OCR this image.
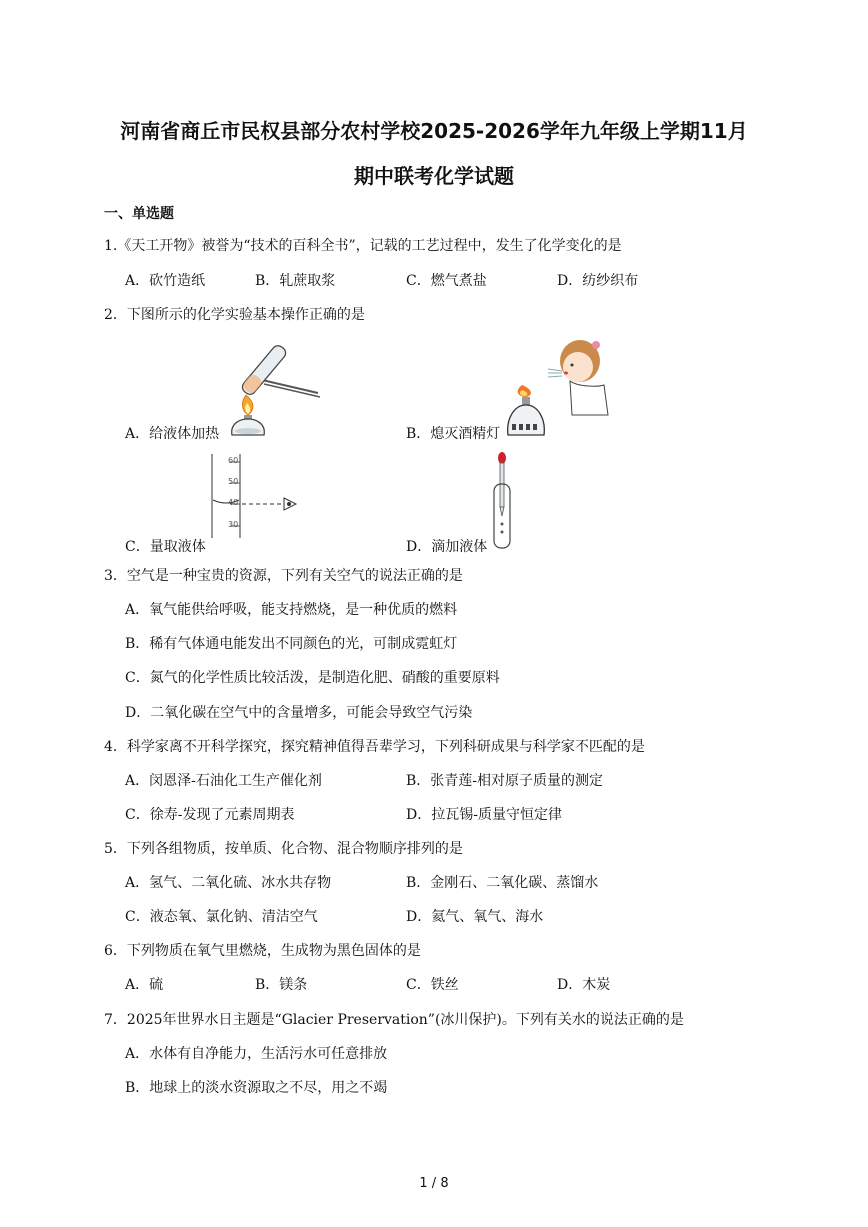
河南省商丘市民权县部分农村学校2025-2026学年九年级上学期11月
期中联考化学试题
一、单选题
1.《天工开物》被誉为“技术的百科全书”，记载的工艺过程中，发生了化学变化的是
A．砍竹造纸	B．轧蔗取浆	C．燃气煮盐	D．纺纱织布
2．下图所示的化学实验基本操作正确的是
A．给液体加热	B．熄灭酒精灯
60
50
40
30
C．量取液体	D．滴加液体
3．空气是一种宝贵的资源，下列有关空气的说法正确的是
A．氧气能供给呼吸，能支持燃烧，是一种优质的燃料
B．稀有气体通电能发出不同颜色的光，可制成霓虹灯
C．氮气的化学性质比较活泼，是制造化肥、硝酸的重要原料
D．二氧化碳在空气中的含量增多，可能会导致空气污染
4．科学家离不开科学探究，探究精神值得吾辈学习，下列科研成果与科学家不匹配的是
A．闵恩泽-石油化工生产催化剂	B．张青莲-相对原子质量的测定
C．徐寿-发现了元素周期表	D．拉瓦锡-质量守恒定律
5．下列各组物质，按单质、化合物、混合物顺序排列的是
A．氢气、二氧化硫、冰水共存物	B．金刚石、二氧化碳、蒸馏水
C．液态氧、氯化钠、清洁空气	D．氦气、氧气、海水
6．下列物质在氧气里燃烧，生成物为黑色固体的是
A．硫	B．镁条	C．铁丝	D．木炭
7．2025年世界水日主题是“Glacier Preservation”(冰川保护)。下列有关水的说法正确的是
A．水体有自净能力，生活污水可任意排放
B．地球上的淡水资源取之不尽，用之不竭
1 / 8
